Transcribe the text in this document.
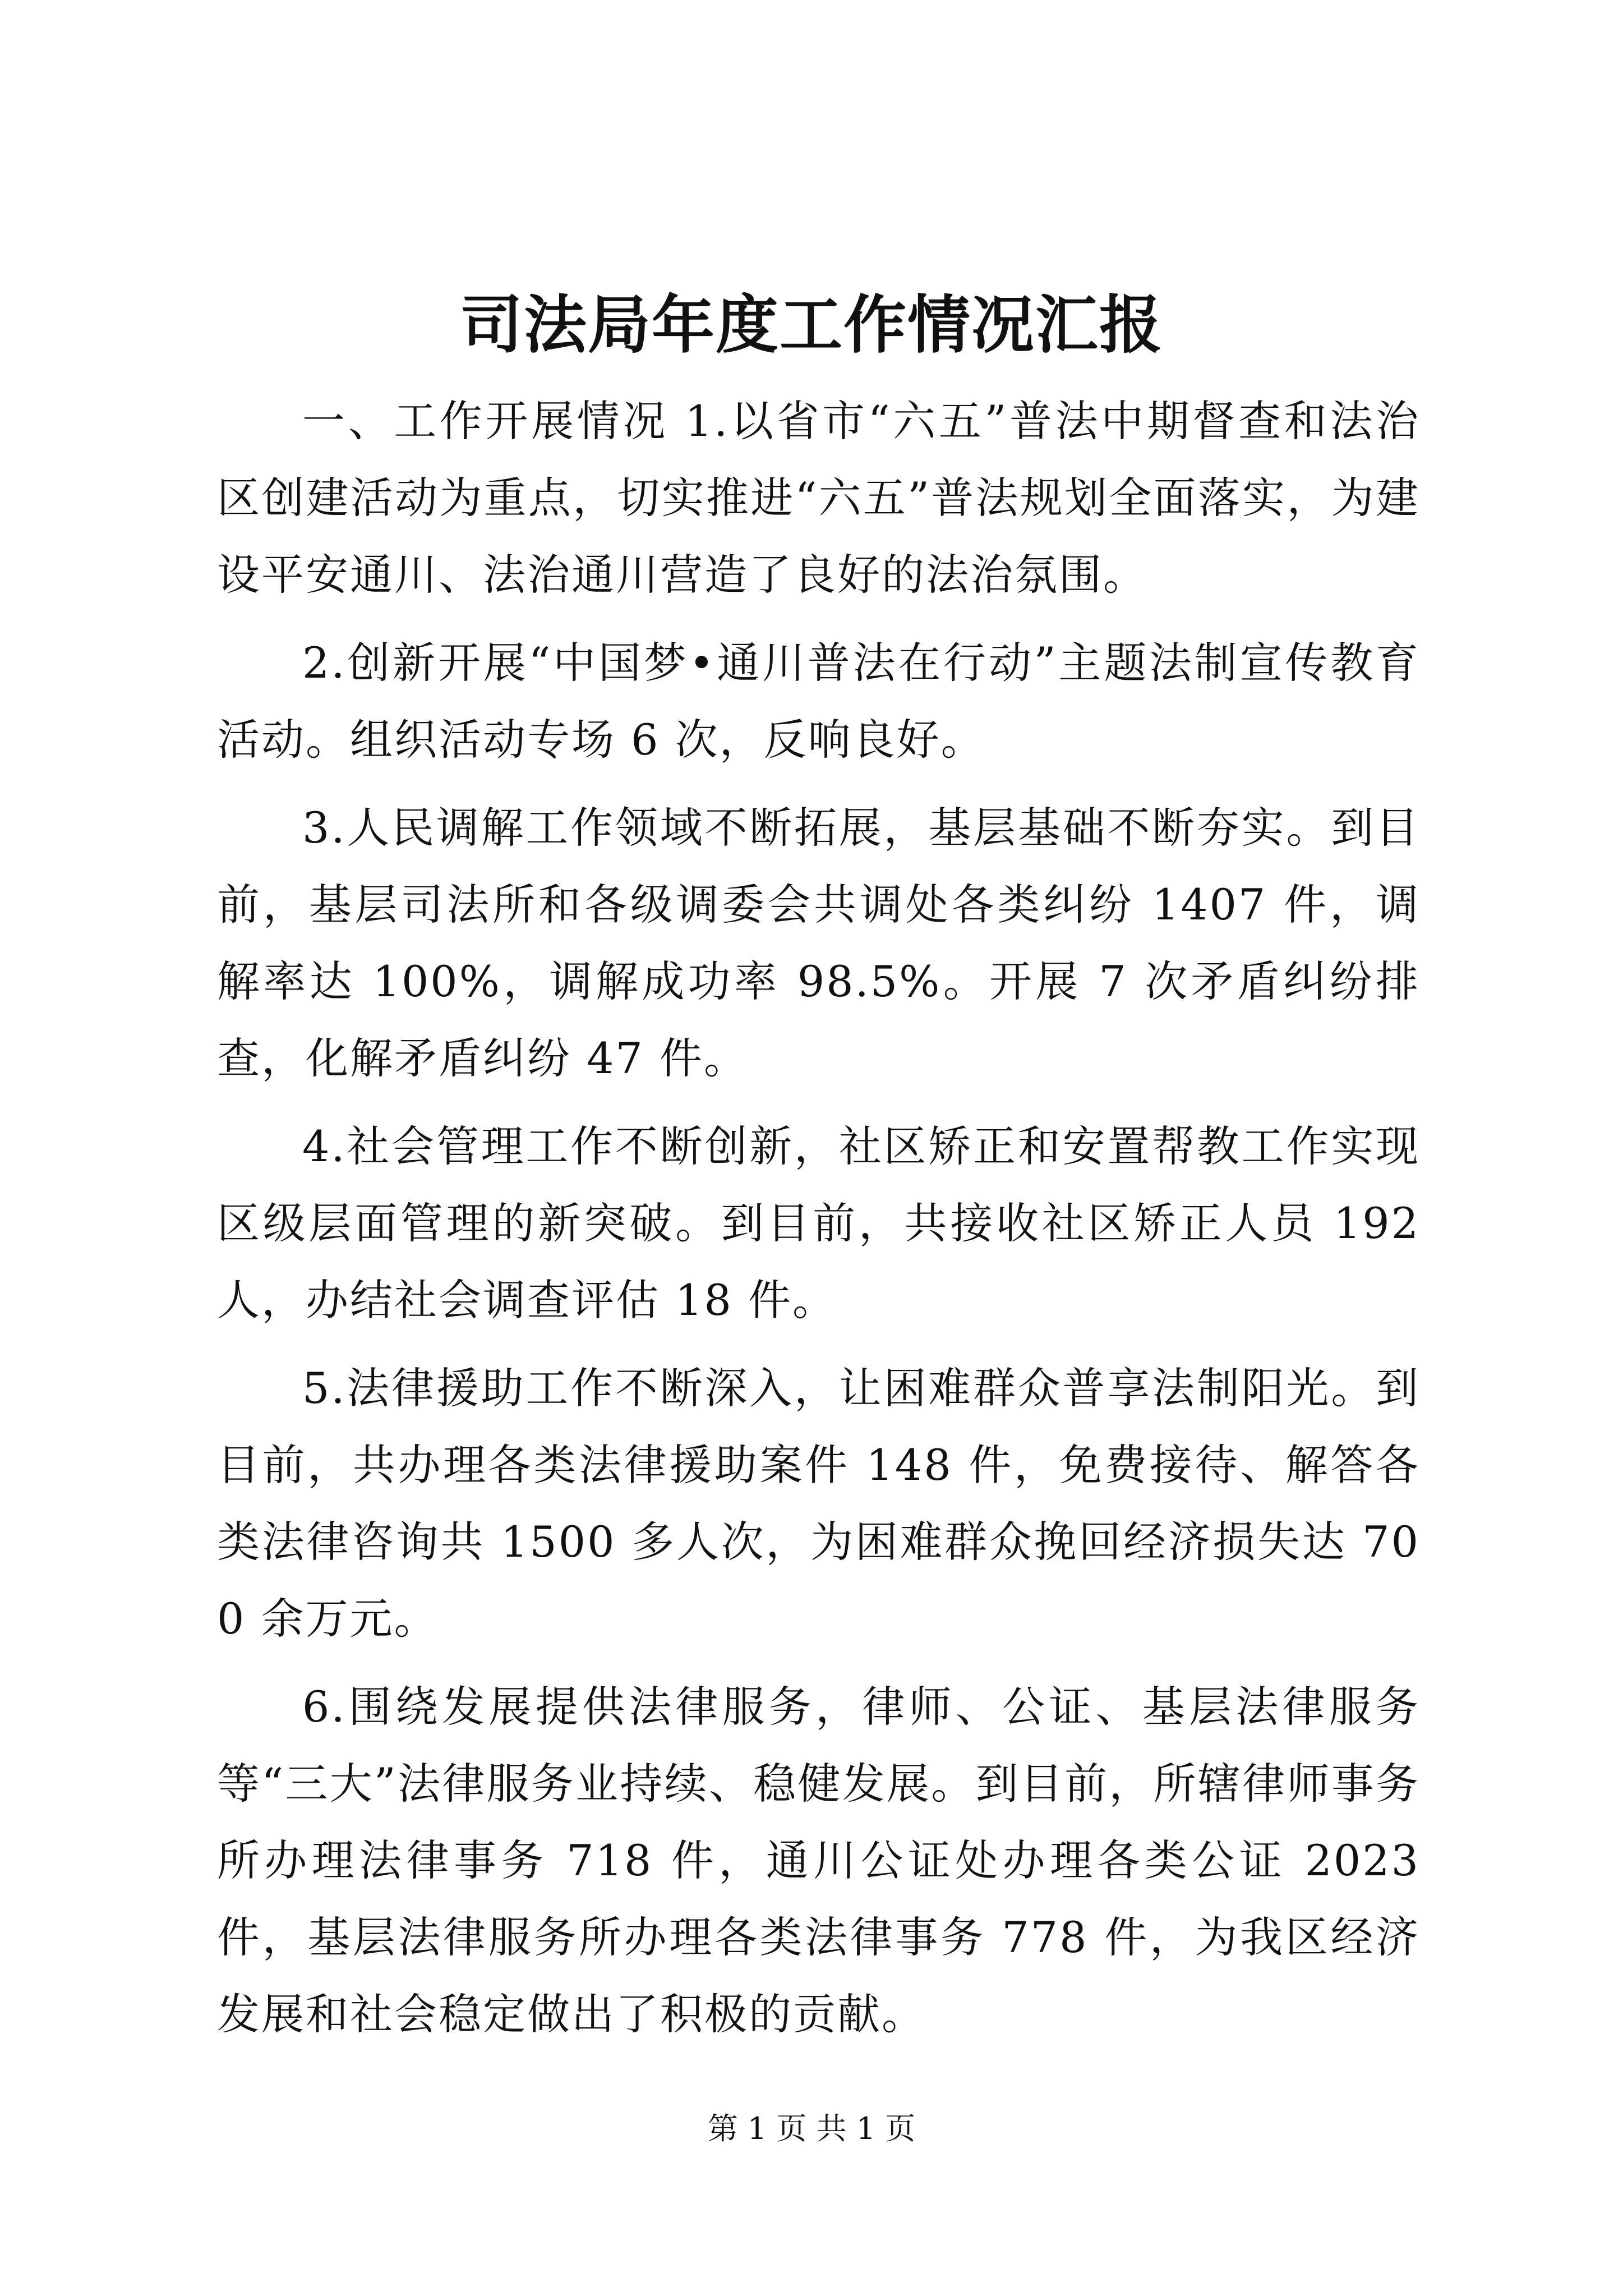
司法局年度工作情况汇报

一、工作开展情况 1.以省市“六五”普法中期督查和法治区创建活动为重点，切实推进“六五”普法规划全面落实，为建设平安通川、法治通川营造了良好的法治氛围。

2.创新开展“中国梦•通川普法在行动”主题法制宣传教育活动。组织活动专场 6 次，反响良好。

3.人民调解工作领域不断拓展，基层基础不断夯实。到目前，基层司法所和各级调委会共调处各类纠纷 1407 件，调解率达 100%，调解成功率 98.5%。开展 7 次矛盾纠纷排查，化解矛盾纠纷 47 件。

4.社会管理工作不断创新，社区矫正和安置帮教工作实现区级层面管理的新突破。到目前，共接收社区矫正人员 192 人，办结社会调查评估 18 件。

5.法律援助工作不断深入，让困难群众普享法制阳光。到目前，共办理各类法律援助案件 148 件，免费接待、解答各类法律咨询共 1500 多人次，为困难群众挽回经济损失达 700 余万元。

6.围绕发展提供法律服务，律师、公证、基层法律服务等“三大”法律服务业持续、稳健发展。到目前，所辖律师事务所办理法律事务 718 件，通川公证处办理各类公证 2023 件，基层法律服务所办理各类法律事务 778 件，为我区经济发展和社会稳定做出了积极的贡献。

第 1 页 共 1 页
